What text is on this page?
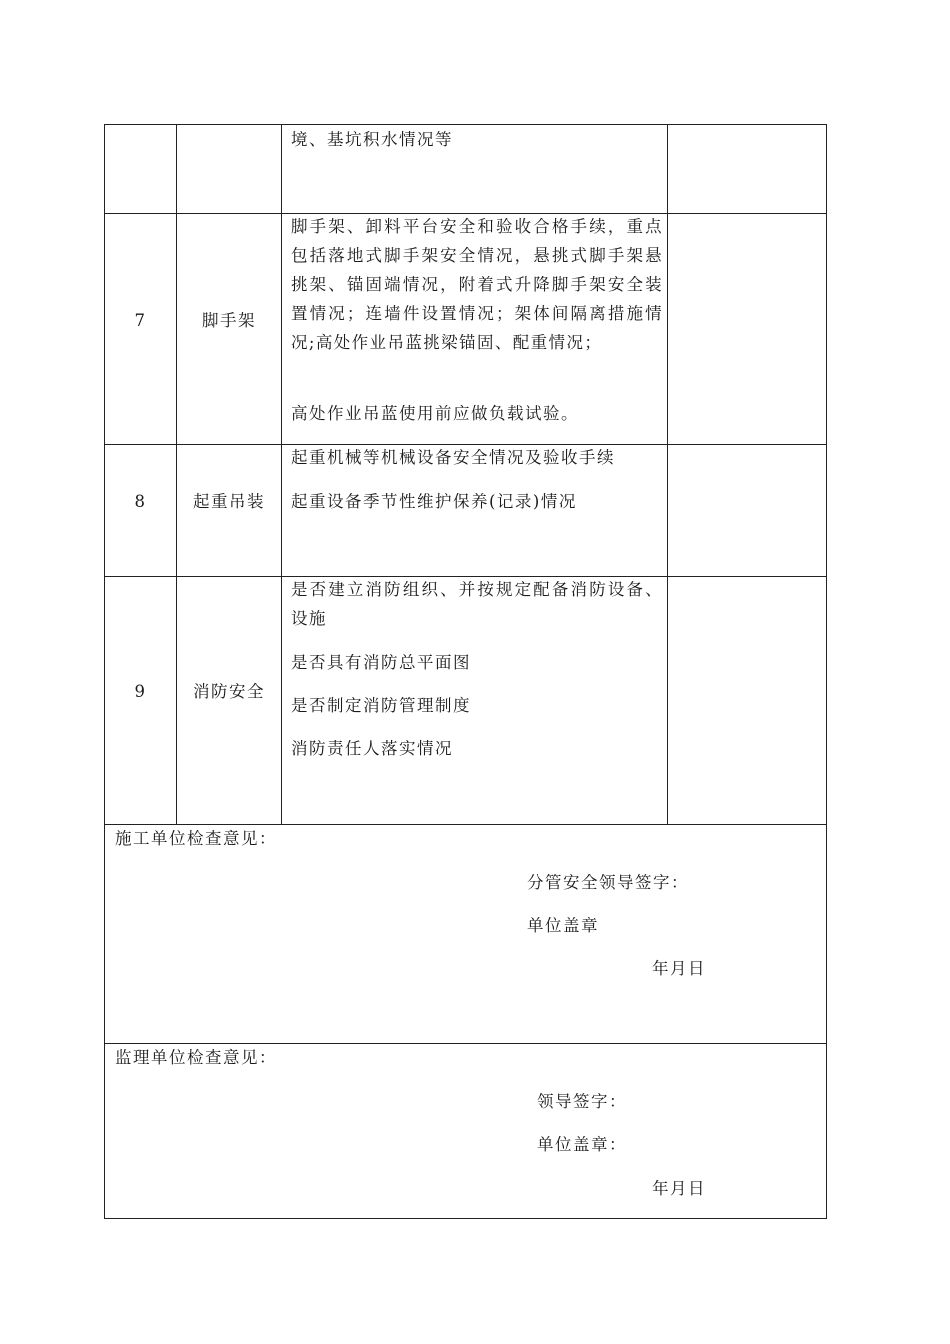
境、基坑积水情况等
7	脚手架
脚手架、卸料平台安全和验收合格手续，重点包括落地式脚手架安全情况，悬挑式脚手架悬挑架、锚固端情况，附着式升降脚手架安全装置情况；连墙件设置情况；架体间隔离措施情况;高处作业吊蓝挑梁锚固、配重情况；
高处作业吊蓝使用前应做负载试验。
8	起重吊装
起重机械等机械设备安全情况及验收手续
起重设备季节性维护保养(记录)情况
9	消防安全
是否建立消防组织、并按规定配备消防设备、设施
是否具有消防总平面图
是否制定消防管理制度
消防责任人落实情况
施工单位检查意见：
分管安全领导签字：
单位盖章
年月日
监理单位检查意见：
领导签字：
单位盖章：
年月日
